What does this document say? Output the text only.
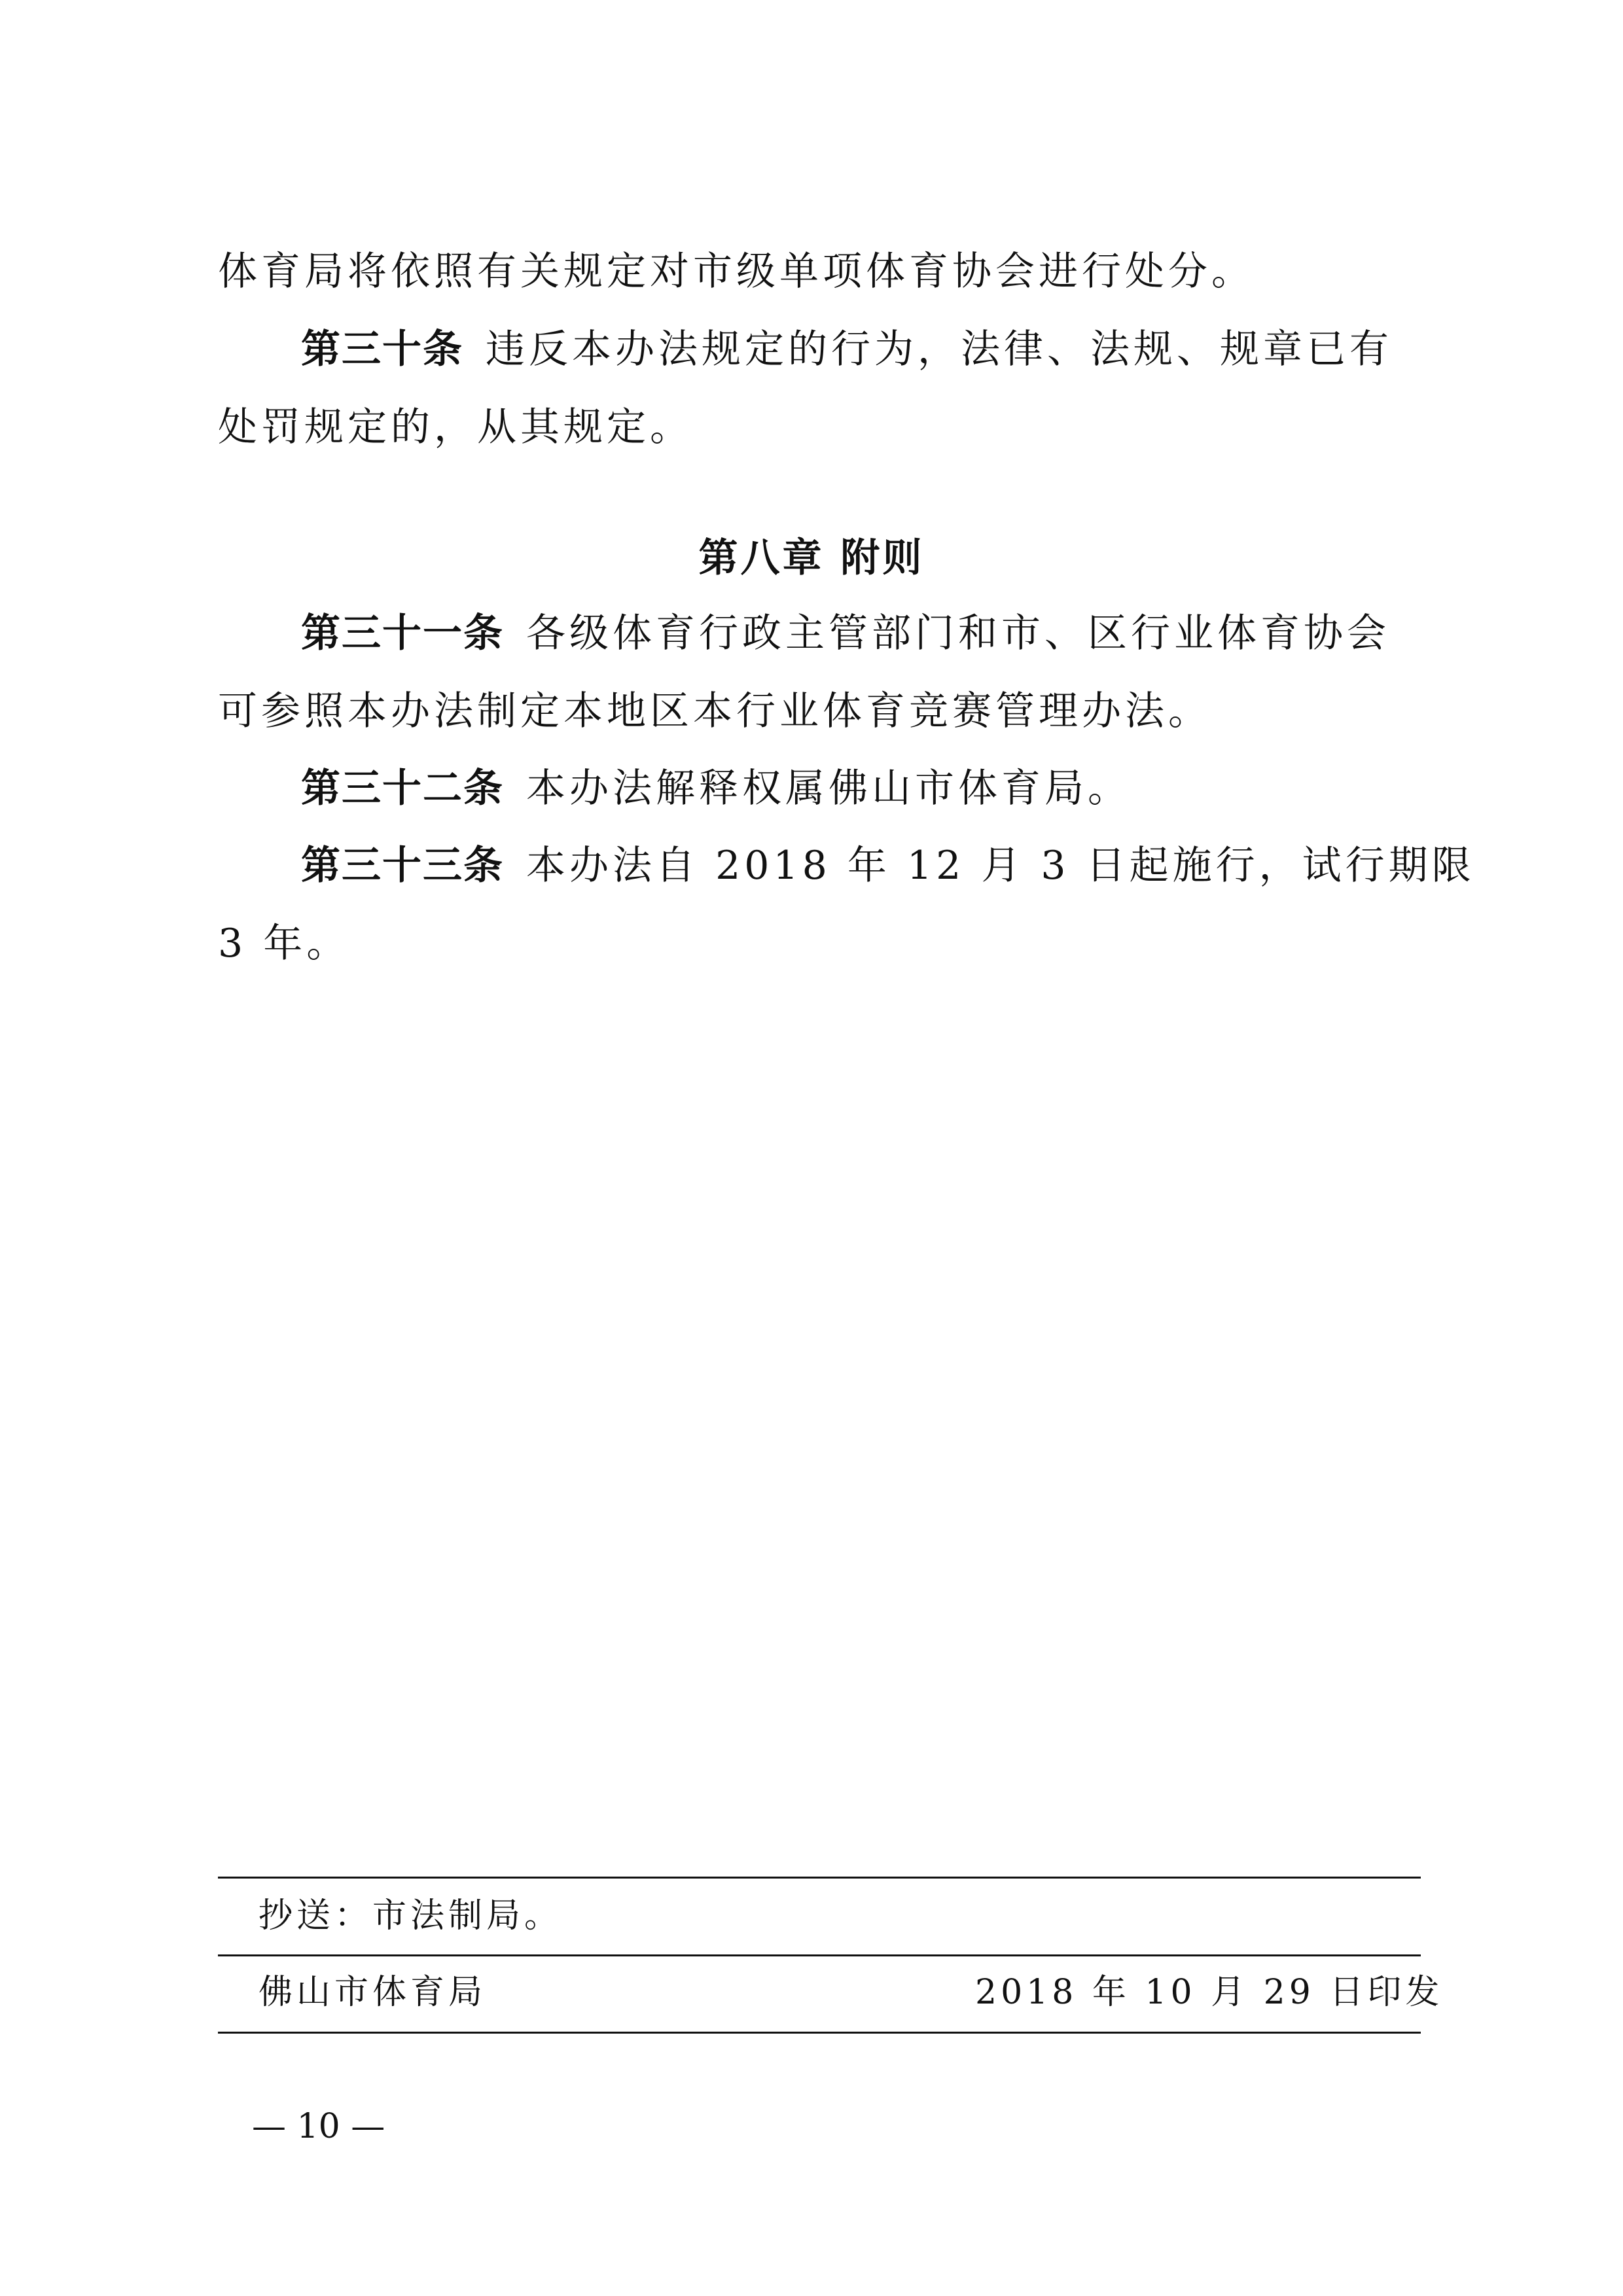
体育局将依照有关规定对市级单项体育协会进行处分。
第三十条 违反本办法规定的行为，法律、法规、规章已有
处罚规定的，从其规定。
第八章 附则
第三十一条 各级体育行政主管部门和市、区行业体育协会
可参照本办法制定本地区本行业体育竞赛管理办法。
第三十二条 本办法解释权属佛山市体育局。
第三十三条 本办法自 2018 年 12 月 3 日起施行，试行期限
3 年。
抄送：市法制局。
佛山市体育局	2018 年 10 月 29 日印发
— 10 —
